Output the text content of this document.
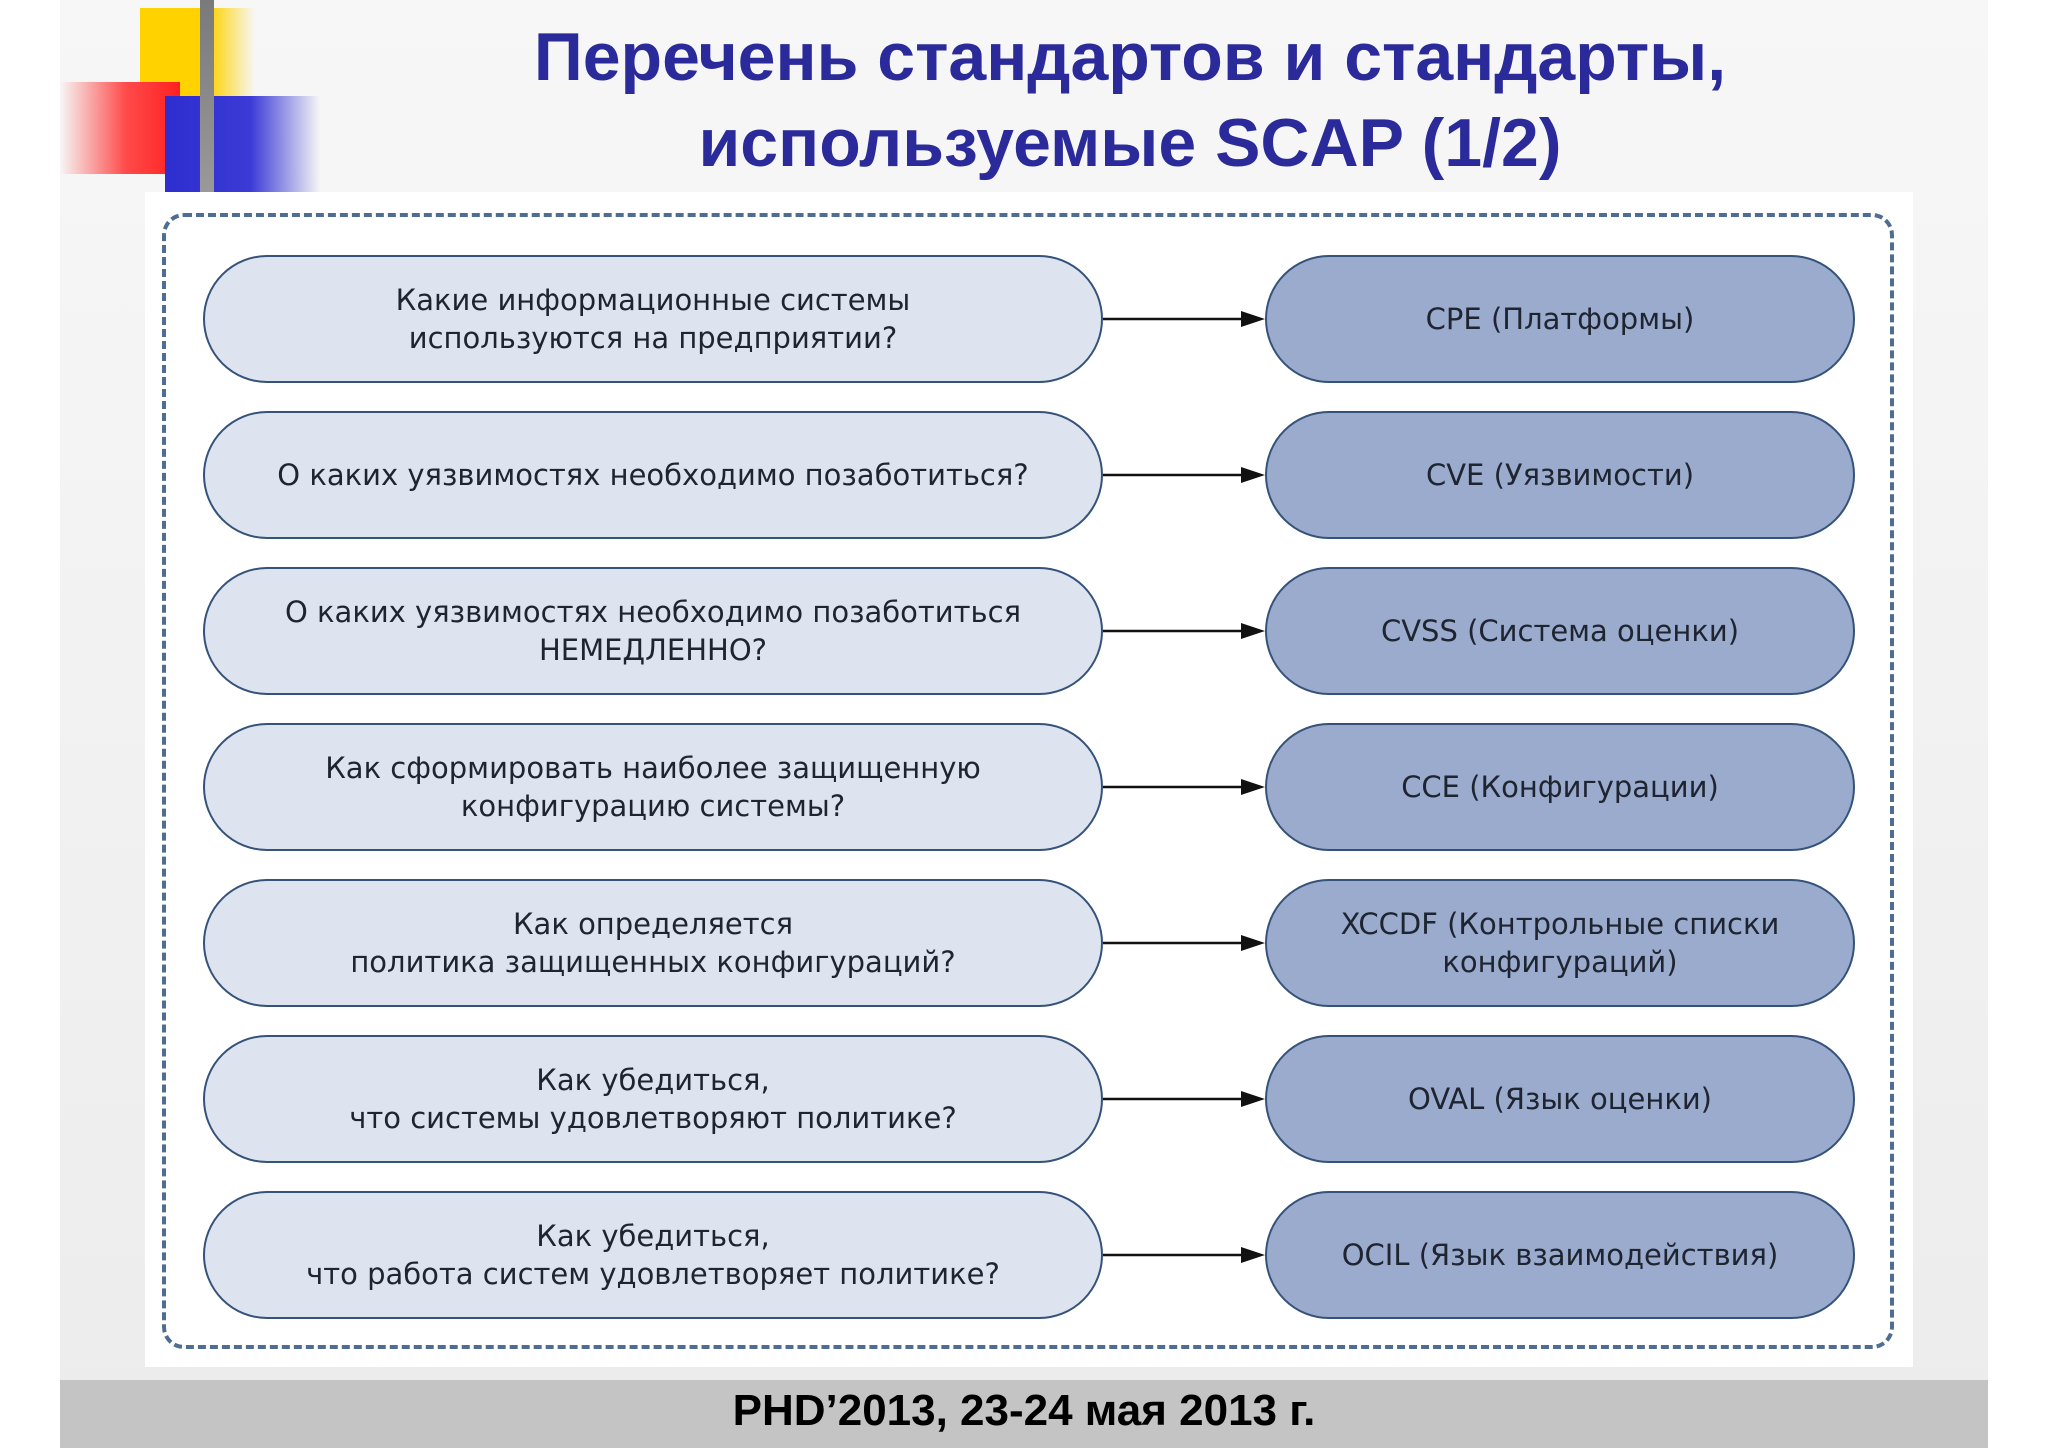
Перечень стандартов и стандарты,
используемые SCAP (1/2)
Какие информационные системы
используются на предприятии?
CPE (Платформы)
О каких уязвимостях необходимо позаботиться?	CVE (Уязвимости)
О каких уязвимостях необходимо позаботиться
НЕМЕДЛЕННО?
CVSS (Система оценки)
Как сформировать наиболее защищенную
конфигурацию системы?
CCE (Конфигурации)
Как определяется
политика защищенных конфигураций?
XCCDF (Контрольные списки
конфигураций)
Как убедиться,
что системы удовлетворяют политике?
OVAL (Язык оценки)
Как убедиться,
что работа систем удовлетворяет политике?
OCIL (Язык взаимодействия)
PHD’2013, 23-24 мая 2013 г.
